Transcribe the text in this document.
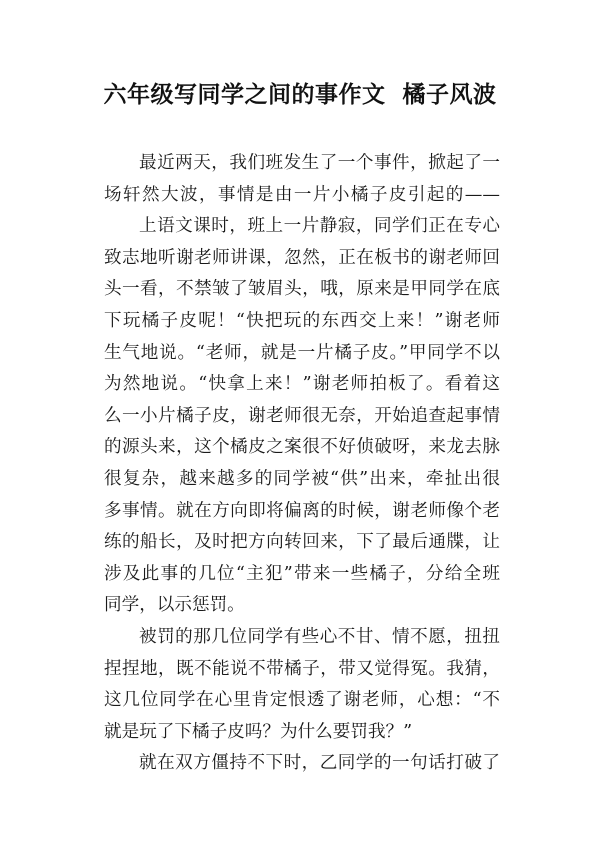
六年级写同学之间的事作文  橘子风波
最近两天，我们班发生了一个事件，掀起了一
场轩然大波，事情是由一片小橘子皮引起的——
上语文课时，班上一片静寂，同学们正在专心
致志地听谢老师讲课，忽然，正在板书的谢老师回
头一看，不禁皱了皱眉头，哦，原来是甲同学在底
下玩橘子皮呢！“快把玩的东西交上来！”谢老师
生气地说。“老师，就是一片橘子皮。”甲同学不以
为然地说。“快拿上来！”谢老师拍板了。看着这
么一小片橘子皮，谢老师很无奈，开始追查起事情
的源头来，这个橘皮之案很不好侦破呀，来龙去脉
很复杂，越来越多的同学被“供”出来，牵扯出很
多事情。就在方向即将偏离的时候，谢老师像个老
练的船长，及时把方向转回来，下了最后通牒，让
涉及此事的几位“主犯”带来一些橘子，分给全班
同学，以示惩罚。
被罚的那几位同学有些心不甘、情不愿，扭扭
捏捏地，既不能说不带橘子，带又觉得冤。我猜，
这几位同学在心里肯定恨透了谢老师，心想：“不
就是玩了下橘子皮吗？为什么要罚我？”
就在双方僵持不下时，乙同学的一句话打破了
